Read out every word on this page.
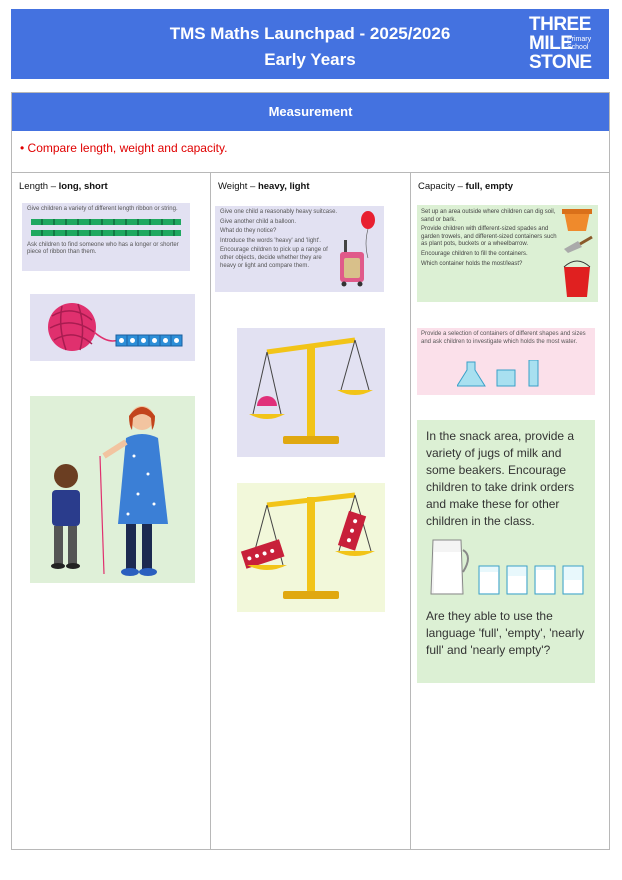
TMS Maths Launchpad - 2025/2026
Early Years
THREE
MILE
Primary
School
STONE
Measurement
• Compare length, weight and capacity.
Length – long, short

Give children a variety of different length ribbon or string.

Ask children to find someone who has a longer or shorter piece of ribbon than them.

Weight – heavy, light

Give one child a reasonably heavy suitcase.

Give another child a balloon.

What do they notice?

Introduce the words 'heavy' and 'light'.

Encourage children to pick up a range of other objects, decide whether they are heavy or light and compare them.

Capacity – full, empty

Set up an area outside where children can dig soil, sand or bark.

Provide children with different-sized spades and garden trowels, and different-sized containers such as plant pots, buckets or a wheelbarrow.

Encourage children to fill the containers.

Which container holds the most/least?

Provide a selection of containers of different shapes and sizes and ask children to investigate which holds the most water.

In the snack area, provide a variety of jugs of milk and some beakers. Encourage children to take drink orders and make these for other children in the class.
Are they able to use the language 'full', 'empty', 'nearly full' and 'nearly empty'?
